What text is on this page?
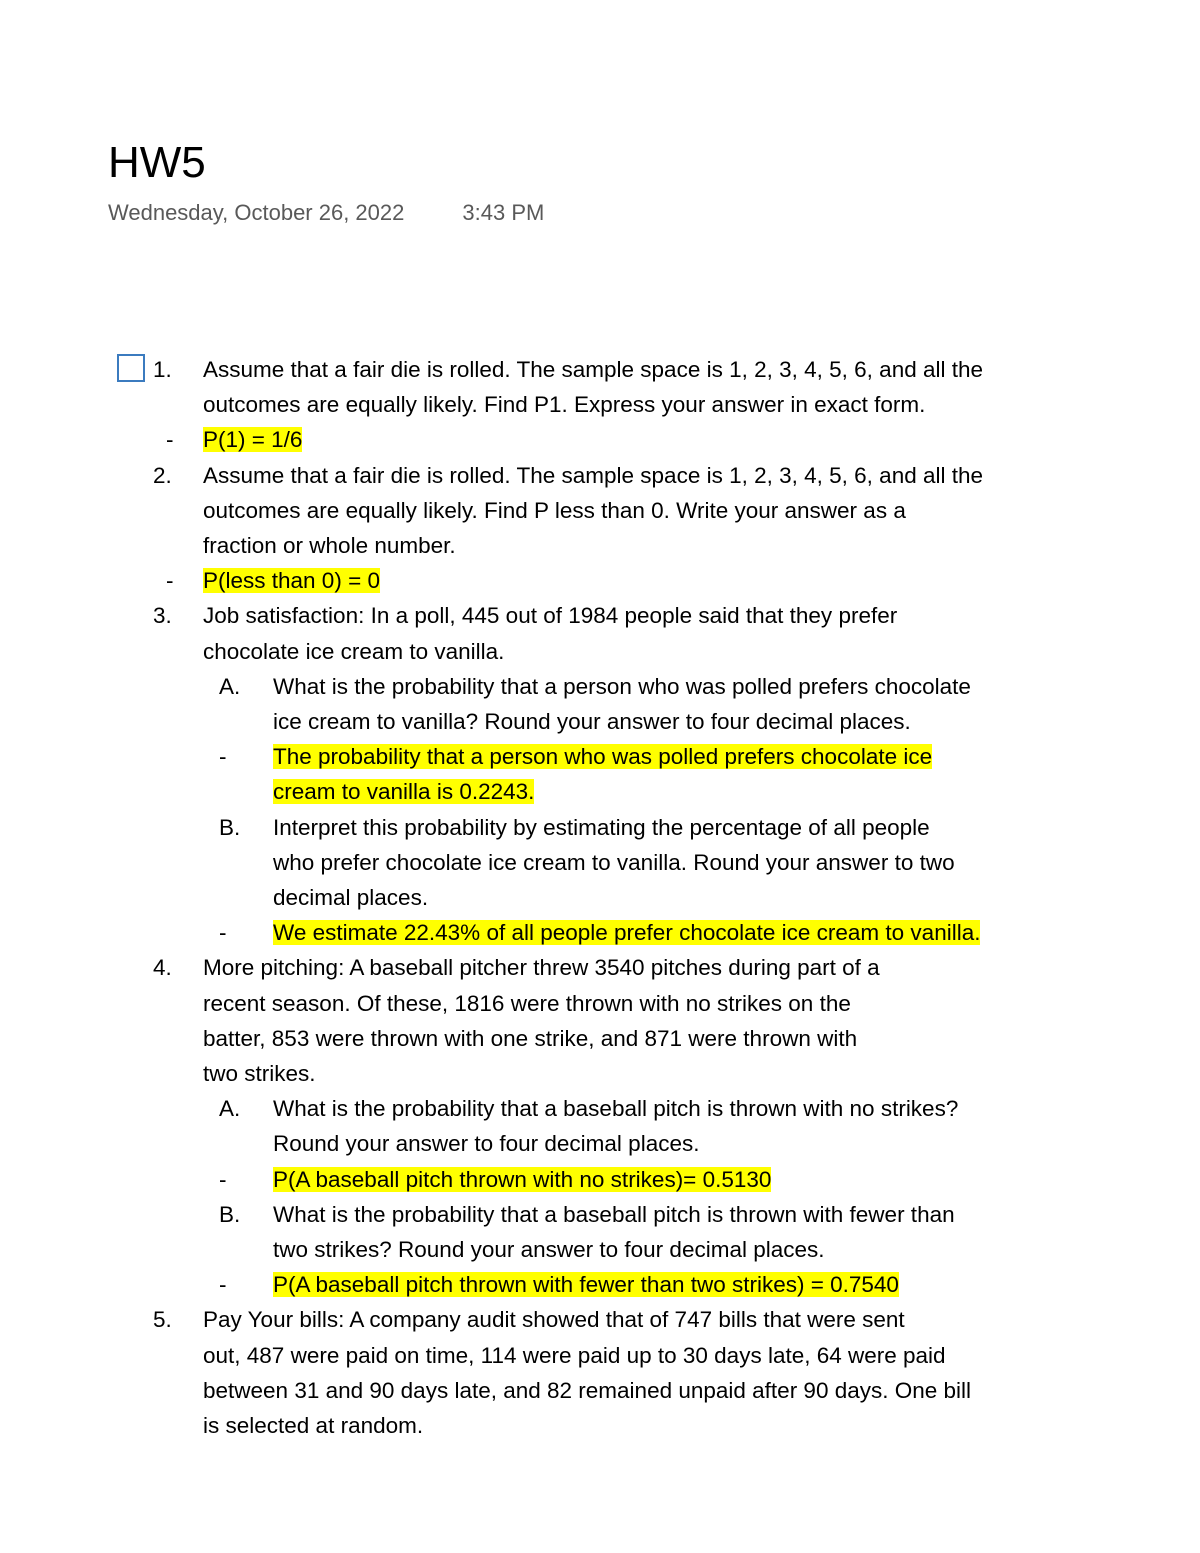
HW5
Wednesday, October 26, 2022	3:43 PM
1. Assume that a fair die is rolled. The sample space is 1, 2, 3, 4, 5, 6, and all the
outcomes are equally likely. Find P1. Express your answer in exact form.
- P(1) = 1/6
2. Assume that a fair die is rolled. The sample space is 1, 2, 3, 4, 5, 6, and all the
outcomes are equally likely. Find P less than 0. Write your answer as a
fraction or whole number.
- P(less than 0) = 0
3. Job satisfaction: In a poll, 445 out of 1984 people said that they prefer
chocolate ice cream to vanilla.
A. What is the probability that a person who was polled prefers chocolate
ice cream to vanilla? Round your answer to four decimal places.
- The probability that a person who was polled prefers chocolate ice
cream to vanilla is 0.2243.
B. Interpret this probability by estimating the percentage of all people
who prefer chocolate ice cream to vanilla. Round your answer to two
decimal places.
- We estimate 22.43% of all people prefer chocolate ice cream to vanilla.
4. More pitching: A baseball pitcher threw 3540 pitches during part of a
recent season. Of these, 1816 were thrown with no strikes on the
batter, 853 were thrown with one strike, and 871 were thrown with
two strikes.
A. What is the probability that a baseball pitch is thrown with no strikes?
Round your answer to four decimal places.
- P(A baseball pitch thrown with no strikes)= 0.5130
B. What is the probability that a baseball pitch is thrown with fewer than
two strikes? Round your answer to four decimal places.
- P(A baseball pitch thrown with fewer than two strikes) = 0.7540
5. Pay Your bills: A company audit showed that of 747 bills that were sent
out, 487 were paid on time, 114 were paid up to 30 days late, 64 were paid
between 31 and 90 days late, and 82 remained unpaid after 90 days. One bill
is selected at random.
